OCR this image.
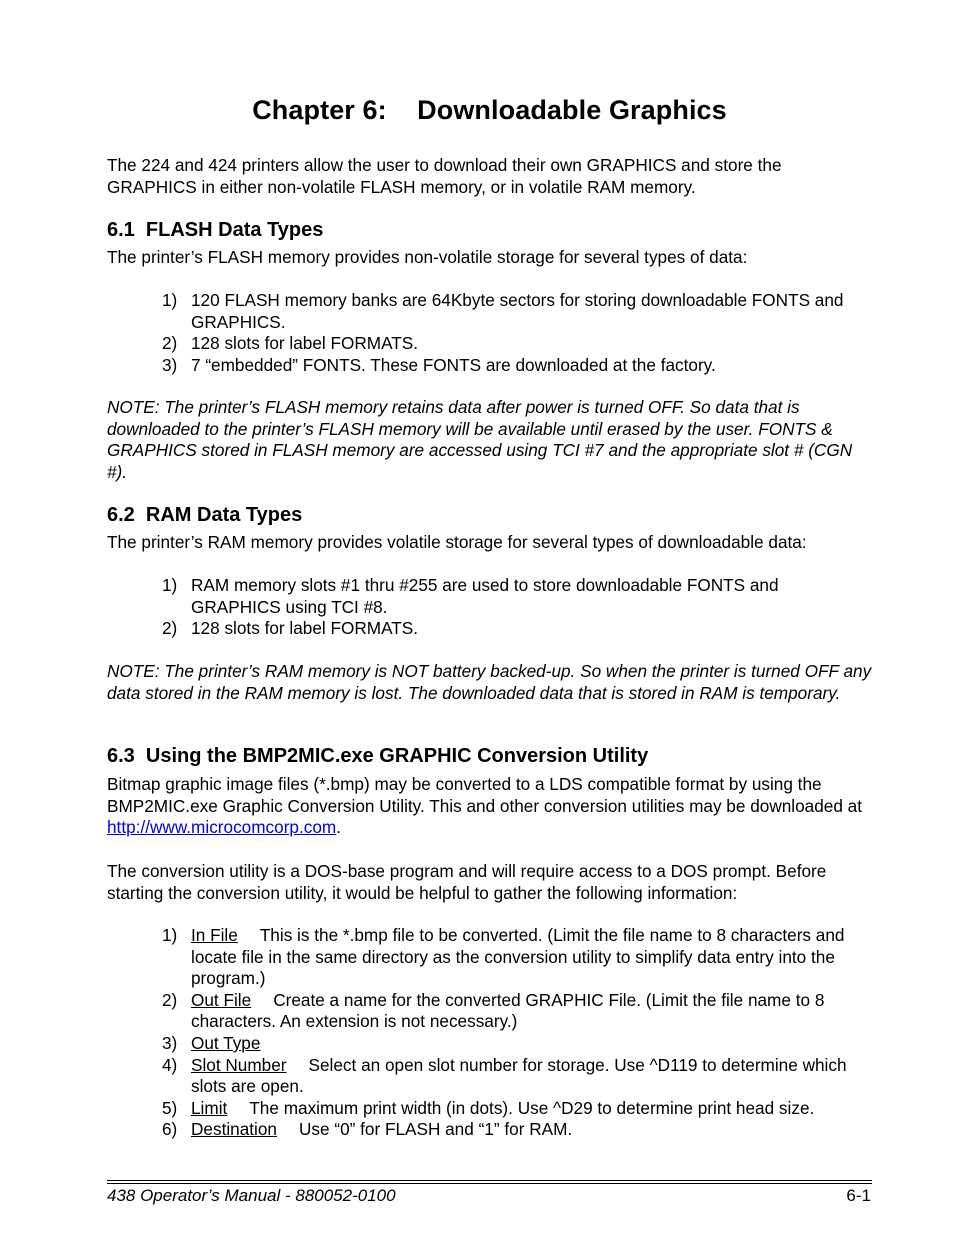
Chapter 6:    Downloadable Graphics
The 224 and 424 printers allow the user to download their own GRAPHICS and store the GRAPHICS in either non-volatile FLASH memory, or in volatile RAM memory.
6.1  FLASH Data Types
The printer’s FLASH memory provides non-volatile storage for several types of data:
1) 120 FLASH memory banks are 64Kbyte sectors for storing downloadable FONTS and GRAPHICS.
2) 128 slots for label FORMATS.
3) 7 “embedded” FONTS. These FONTS are downloaded at the factory.
NOTE: The printer’s FLASH memory retains data after power is turned OFF. So data that is downloaded to the printer’s FLASH memory will be available until erased by the user. FONTS & GRAPHICS stored in FLASH memory are accessed using TCI #7 and the appropriate slot # (CGN #).
6.2  RAM Data Types
The printer’s RAM memory provides volatile storage for several types of downloadable data:
1) RAM memory slots #1 thru #255 are used to store downloadable FONTS and GRAPHICS using TCI #8.
2) 128 slots for label FORMATS.
NOTE: The printer’s RAM memory is NOT battery backed-up. So when the printer is turned OFF any data stored in the RAM memory is lost. The downloaded data that is stored in RAM is temporary.
6.3  Using the BMP2MIC.exe GRAPHIC Conversion Utility
Bitmap graphic image files (*.bmp) may be converted to a LDS compatible format by using the BMP2MIC.exe Graphic Conversion Utility. This and other conversion utilities may be downloaded at http://www.microcomcorp.com.
The conversion utility is a DOS-base program and will require access to a DOS prompt. Before starting the conversion utility, it would be helpful to gather the following information:
1) In File This is the *.bmp file to be converted. (Limit the file name to 8 characters and locate file in the same directory as the conversion utility to simplify data entry into the program.)
2) Out File Create a name for the converted GRAPHIC File. (Limit the file name to 8 characters. An extension is not necessary.)
3) Out Type
4) Slot Number Select an open slot number for storage. Use ^D119 to determine which slots are open.
5) Limit The maximum print width (in dots). Use ^D29 to determine print head size.
6) Destination Use “0” for FLASH and “1” for RAM.
438 Operator’s Manual - 880052-0100	6-1
